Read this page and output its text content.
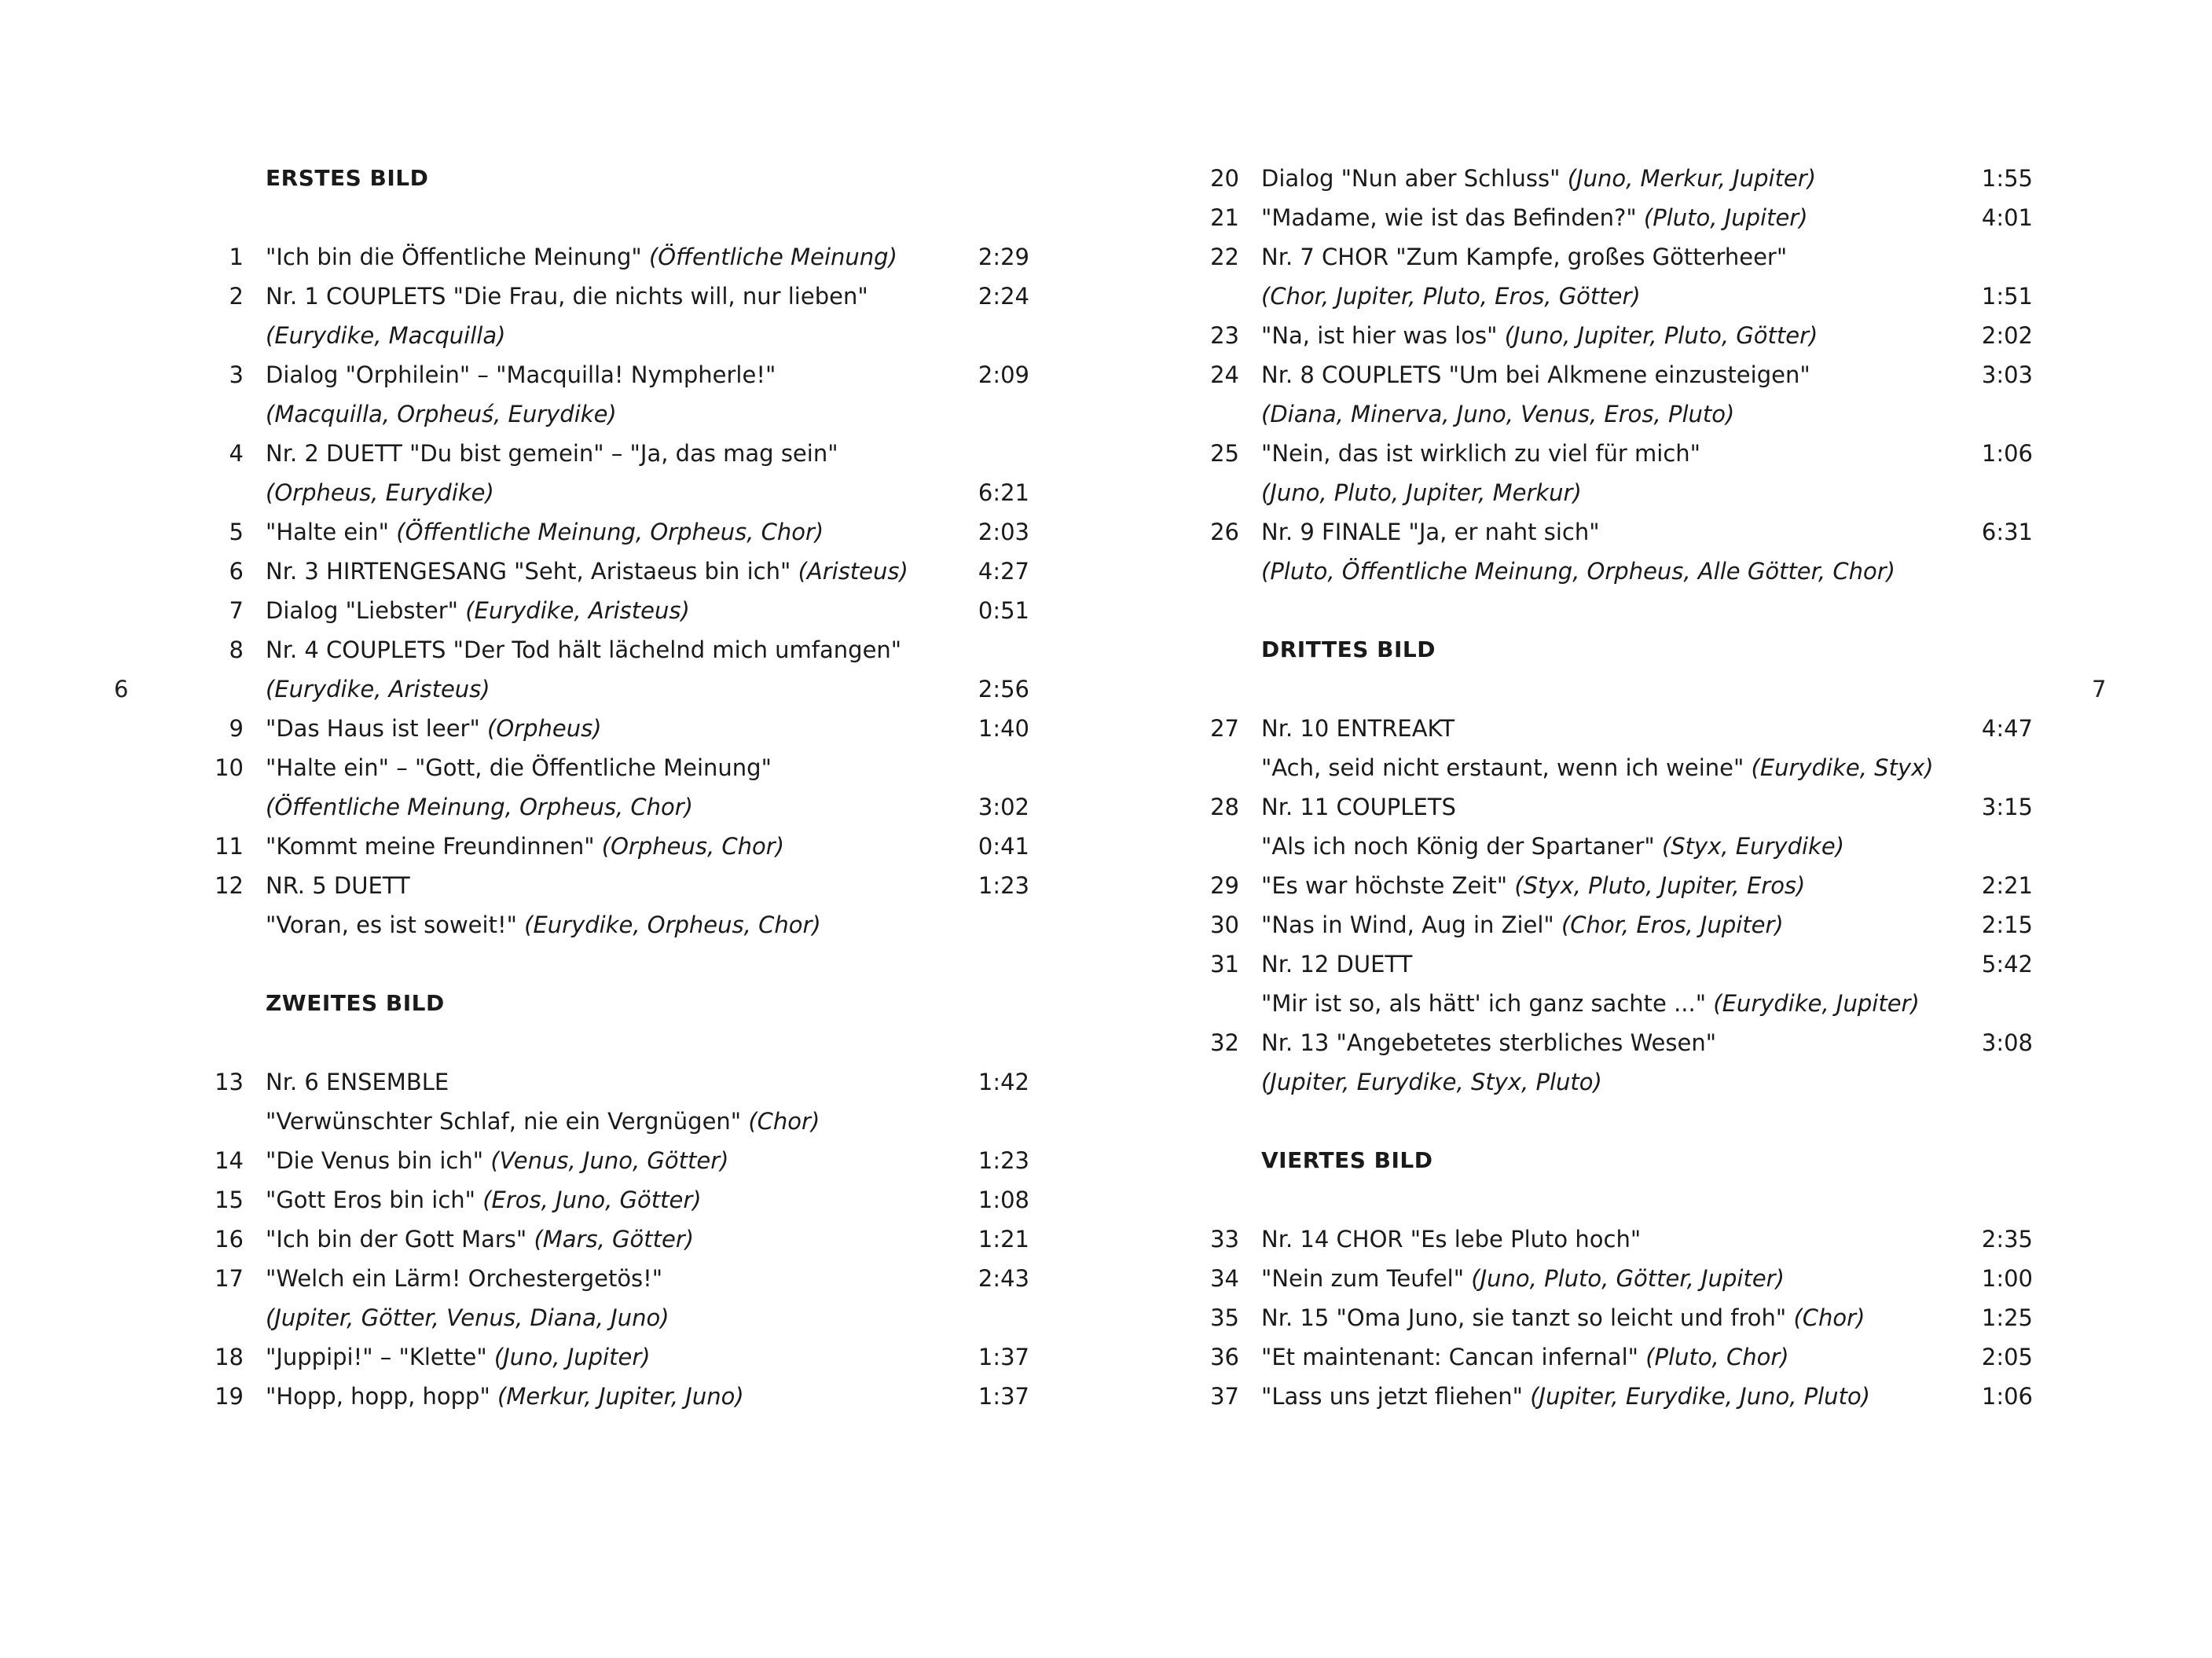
6
ERSTES BILD
1 "Ich bin die Öffentliche Meinung" (Öffentliche Meinung)	2:29
2 Nr. 1 COUPLETS "Die Frau, die nichts will, nur lieben"	2:24
(Eurydike, Macquilla)
3 Dialog "Orphilein" – "Macquilla! Nympherle!"	2:09
(Macquilla, Orpheuś, Eurydike)
4 Nr. 2 DUETT "Du bist gemein" – "Ja, das mag sein"
(Orpheus, Eurydike)	6:21
5 "Halte ein" (Öffentliche Meinung, Orpheus, Chor)	2:03
6 Nr. 3 HIRTENGESANG "Seht, Aristaeus bin ich" (Aristeus)	4:27
7 Dialog "Liebster" (Eurydike, Aristeus)	0:51
8 Nr. 4 COUPLETS "Der Tod hält lächelnd mich umfangen"
(Eurydike, Aristeus)	2:56
9 "Das Haus ist leer" (Orpheus)	1:40
10 "Halte ein" – "Gott, die Öffentliche Meinung"
(Öffentliche Meinung, Orpheus, Chor)	3:02
11 "Kommt meine Freundinnen" (Orpheus, Chor)	0:41
12 NR. 5 DUETT	1:23
"Voran, es ist soweit!" (Eurydike, Orpheus, Chor)
ZWEITES BILD
13 Nr. 6 ENSEMBLE	1:42
"Verwünschter Schlaf, nie ein Vergnügen" (Chor)
14 "Die Venus bin ich" (Venus, Juno, Götter)	1:23
15 "Gott Eros bin ich" (Eros, Juno, Götter)	1:08
16 "Ich bin der Gott Mars" (Mars, Götter)	1:21
17 "Welch ein Lärm! Orchestergetös!"	2:43
(Jupiter, Götter, Venus, Diana, Juno)
18 "Juppipi!" – "Klette" (Juno, Jupiter)	1:37
19 "Hopp, hopp, hopp" (Merkur, Jupiter, Juno)	1:37
7
20 Dialog "Nun aber Schluss" (Juno, Merkur, Jupiter)	1:55
21 "Madame, wie ist das Befinden?" (Pluto, Jupiter)	4:01
22 Nr. 7 CHOR "Zum Kampfe, großes Götterheer"
(Chor, Jupiter, Pluto, Eros, Götter)	1:51
23 "Na, ist hier was los" (Juno, Jupiter, Pluto, Götter)	2:02
24 Nr. 8 COUPLETS "Um bei Alkmene einzusteigen"	3:03
(Diana, Minerva, Juno, Venus, Eros, Pluto)
25 "Nein, das ist wirklich zu viel für mich"	1:06
(Juno, Pluto, Jupiter, Merkur)
26 Nr. 9 FINALE "Ja, er naht sich"	6:31
(Pluto, Öffentliche Meinung, Orpheus, Alle Götter, Chor)
DRITTES BILD
27 Nr. 10 ENTREAKT	4:47
"Ach, seid nicht erstaunt, wenn ich weine" (Eurydike, Styx)
28 Nr. 11 COUPLETS	3:15
"Als ich noch König der Spartaner" (Styx, Eurydike)
29 "Es war höchste Zeit" (Styx, Pluto, Jupiter, Eros)	2:21
30 "Nas in Wind, Aug in Ziel" (Chor, Eros, Jupiter)	2:15
31 Nr. 12 DUETT	5:42
"Mir ist so, als hätt' ich ganz sachte ..." (Eurydike, Jupiter)
32 Nr. 13 "Angebetetes sterbliches Wesen"	3:08
(Jupiter, Eurydike, Styx, Pluto)
VIERTES BILD
33 Nr. 14 CHOR "Es lebe Pluto hoch"	2:35
34 "Nein zum Teufel" (Juno, Pluto, Götter, Jupiter)	1:00
35 Nr. 15 "Oma Juno, sie tanzt so leicht und froh" (Chor)	1:25
36 "Et maintenant: Cancan infernal" (Pluto, Chor)	2:05
37 "Lass uns jetzt fliehen" (Jupiter, Eurydike, Juno, Pluto)	1:06
